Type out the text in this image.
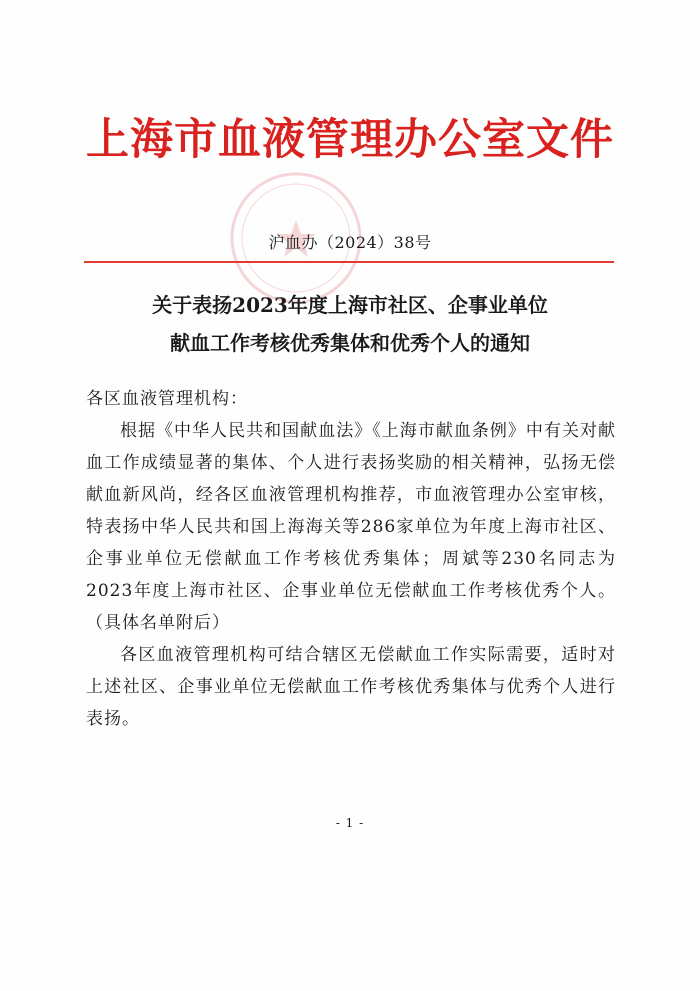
上海市血液管理办公室文件
沪血办（2024）38号
关于表扬2023年度上海市社区、企事业单位
献血工作考核优秀集体和优秀个人的通知

各区血液管理机构：

根据《中华人民共和国献血法》《上海市献血条例》中有关对献血工作成绩显著的集体、个人进行表扬奖励的相关精神，弘扬无偿献血新风尚，经各区血液管理机构推荐，市血液管理办公室审核，特表扬中华人民共和国上海海关等286家单位为年度上海市社区、企事业单位无偿献血工作考核优秀集体；周斌等230名同志为2023年度上海市社区、企事业单位无偿献血工作考核优秀个人。（具体名单附后）

各区血液管理机构可结合辖区无偿献血工作实际需要，适时对上述社区、企事业单位无偿献血工作考核优秀集体与优秀个人进行表扬。

- 1 -
